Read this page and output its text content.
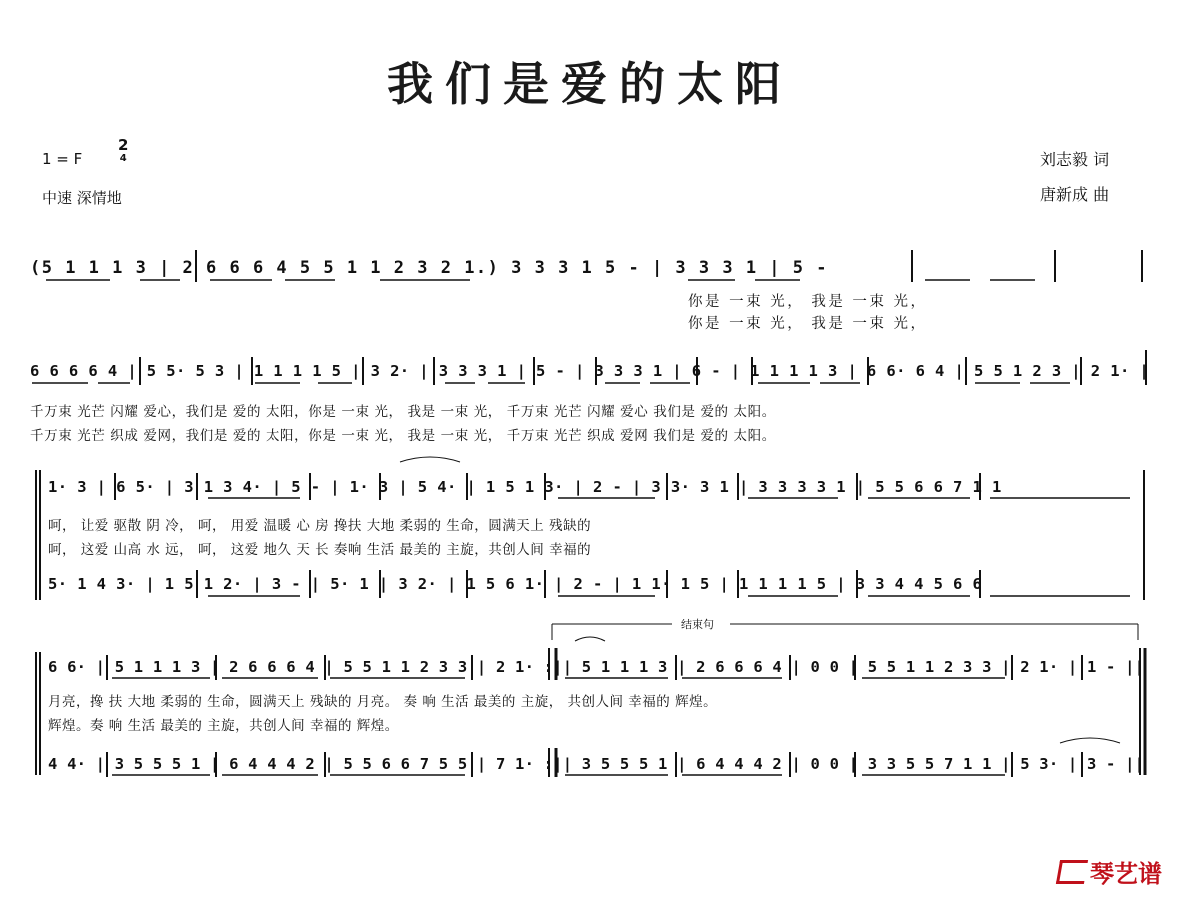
我们是爱的太阳
1 = F
2
4
中速 深情地
刘志毅 词
唐新成 曲
(5 1 1 1 3 | 2 6 6 6 4 5 5 1 1 2 3 2 1.) 3 3 3 1 5 - | 3 3 3 1 | 5 -
你是 一束 光， 我是 一束 光，
你是 一束 光， 我是 一束 光，
6 6 6 6 4 | 5 5· 5 3 | 1 1 1 1 5 | 3 2· | 3 3 3 1 | 5 - | 3 3 3 1 | 6 - | 1 1 1 1 3 | 6 6· 6 4 | 5 5 1 2 3 | 2 1· |
千万束 光芒 闪耀 爱心，我们是 爱的 太阳，你是 一束 光， 我是 一束 光， 千万束 光芒 闪耀 爱心 我们是 爱的 太阳。
千万束 光芒 织成 爱网，我们是 爱的 太阳，你是 一束 光， 我是 一束 光， 千万束 光芒 织成 爱网 我们是 爱的 太阳。
1· 3 | 6 5· | 3 1 3 4· | 5 - | 1· 3 | 5 4· | 1 5 1 3· | 2 - | 3 3· 3 1 | 3 3 3 3 1 | 5 5 6 6 7 1 1
呵， 让爱 驱散 阴 冷， 呵， 用爱 温暖 心 房 搀扶 大地 柔弱的 生命，圆满天上 残缺的
呵， 这爱 山高 水 远， 呵， 这爱 地久 天 长 奏响 生活 最美的 主旋，共创人间 幸福的
5· 1 4 3· | 1 5 1 2· | 3 - | 5· 1 | 3 2· | 1 5 6 1· | 2 - | 1 1· 1 5 | 1 1 1 1 5 | 3 3 4 4 5 6 6
结束句
6 6· | 5 1 1 1 3 | 2 6 6 6 4 | 5 5 1 1 2 3 3 | 2 1· :|| 5 1 1 1 3 | 2 6 6 6 4 | 0 0 | 5 5 1 1 2 3 3 | 2 1· | 1 - ||
月亮，搀 扶 大地 柔弱的 生命，圆满天上 残缺的 月亮。 奏 响 生活 最美的 主旋， 共创人间 幸福的 辉煌。
辉煌。奏 响 生活 最美的 主旋，共创人间 幸福的 辉煌。
4 4· | 3 5 5 5 1 | 6 4 4 4 2 | 5 5 6 6 7 5 5 | 7 1· :|| 3 5 5 5 1 | 6 4 4 4 2 | 0 0 | 3 3 5 5 7 1 1 | 5 3· | 3 - ||
琴艺谱
